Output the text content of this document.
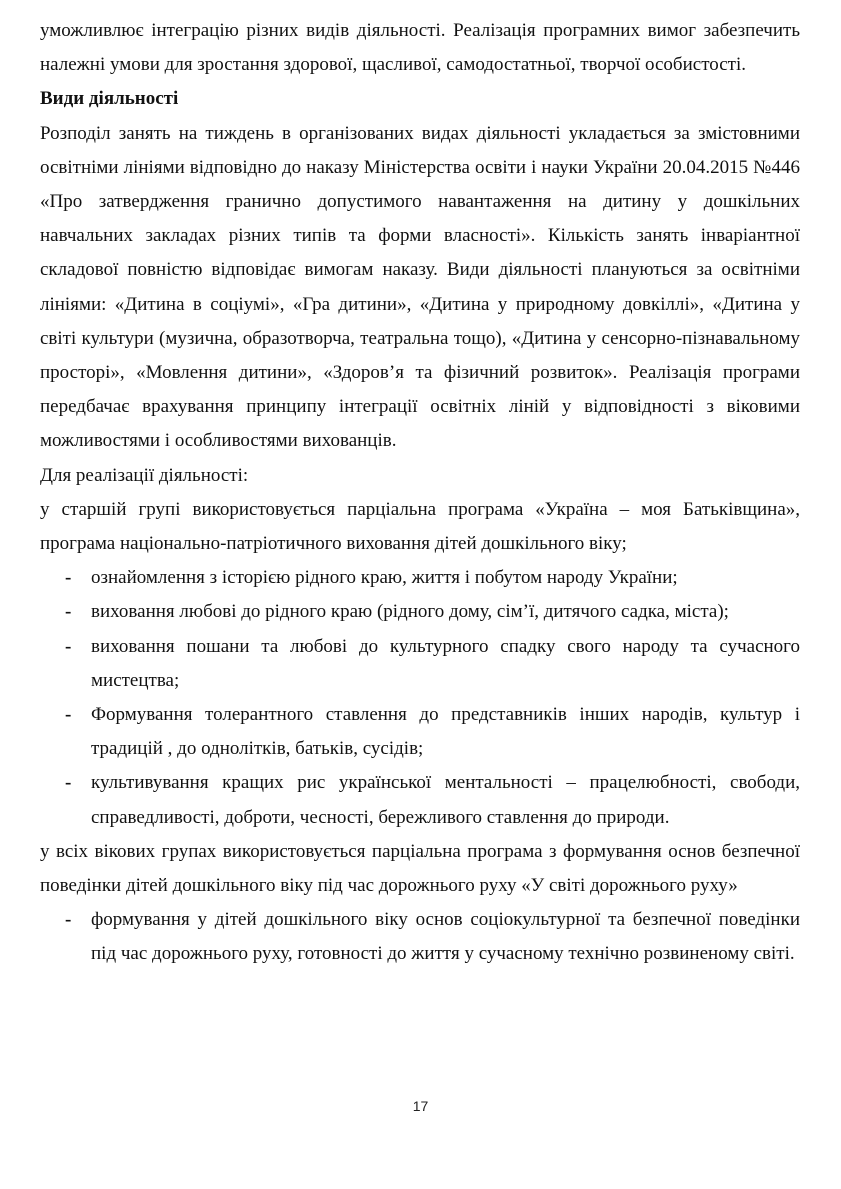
уможливлює інтеграцію різних видів діяльності. Реалізація програмних вимог забезпечить належні умови для зростання здорової, щасливої, самодостатньої, творчої особистості.

Види діяльності

Розподіл занять на тиждень в організованих видах діяльності укладається за змістовними освітніми лініями відповідно до наказу Міністерства освіти і науки України 20.04.2015 №446 «Про затвердження гранично допустимого навантаження на дитину у дошкільних навчальних закладах різних типів та форми власності». Кількість занять інваріантної складової повністю відповідає вимогам наказу. Види діяльності плануються за освітніми лініями: «Дитина в соціумі», «Гра дитини», «Дитина у природному довкіллі», «Дитина у світі культури (музична, образотворча, театральна тощо), «Дитина у сенсорно-пізнавальному просторі», «Мовлення дитини», «Здоров’я та фізичний розвиток». Реалізація програми передбачає врахування принципу інтеграції освітніх ліній у відповідності з віковими можливостями і особливостями вихованців.

Для реалізації діяльності:

у старшій групі використовується парціальна програма «Україна – моя Батьківщина», програма національно-патріотичного виховання дітей дошкільного віку;

- ознайомлення з історією рідного краю, життя і побутом народу України;
- виховання любові до рідного краю (рідного дому, сім’ї, дитячого садка, міста);
- виховання пошани та любові до культурного спадку свого народу та сучасного мистецтва;
- Формування толерантного ставлення до представників інших народів, культур і традицій , до однолітків, батьків, сусідів;
- культивування кращих рис української ментальності – працелюбності, свободи, справедливості, доброти, чесності, бережливого ставлення до природи.

у всіх вікових групах використовується парціальна програма з формування основ безпечної поведінки дітей дошкільного віку під час дорожнього руху «У світі дорожнього руху»

- формування у дітей дошкільного віку основ соціокультурної та безпечної поведінки під час дорожнього руху, готовності до життя у сучасному технічно розвиненому світі.
17
